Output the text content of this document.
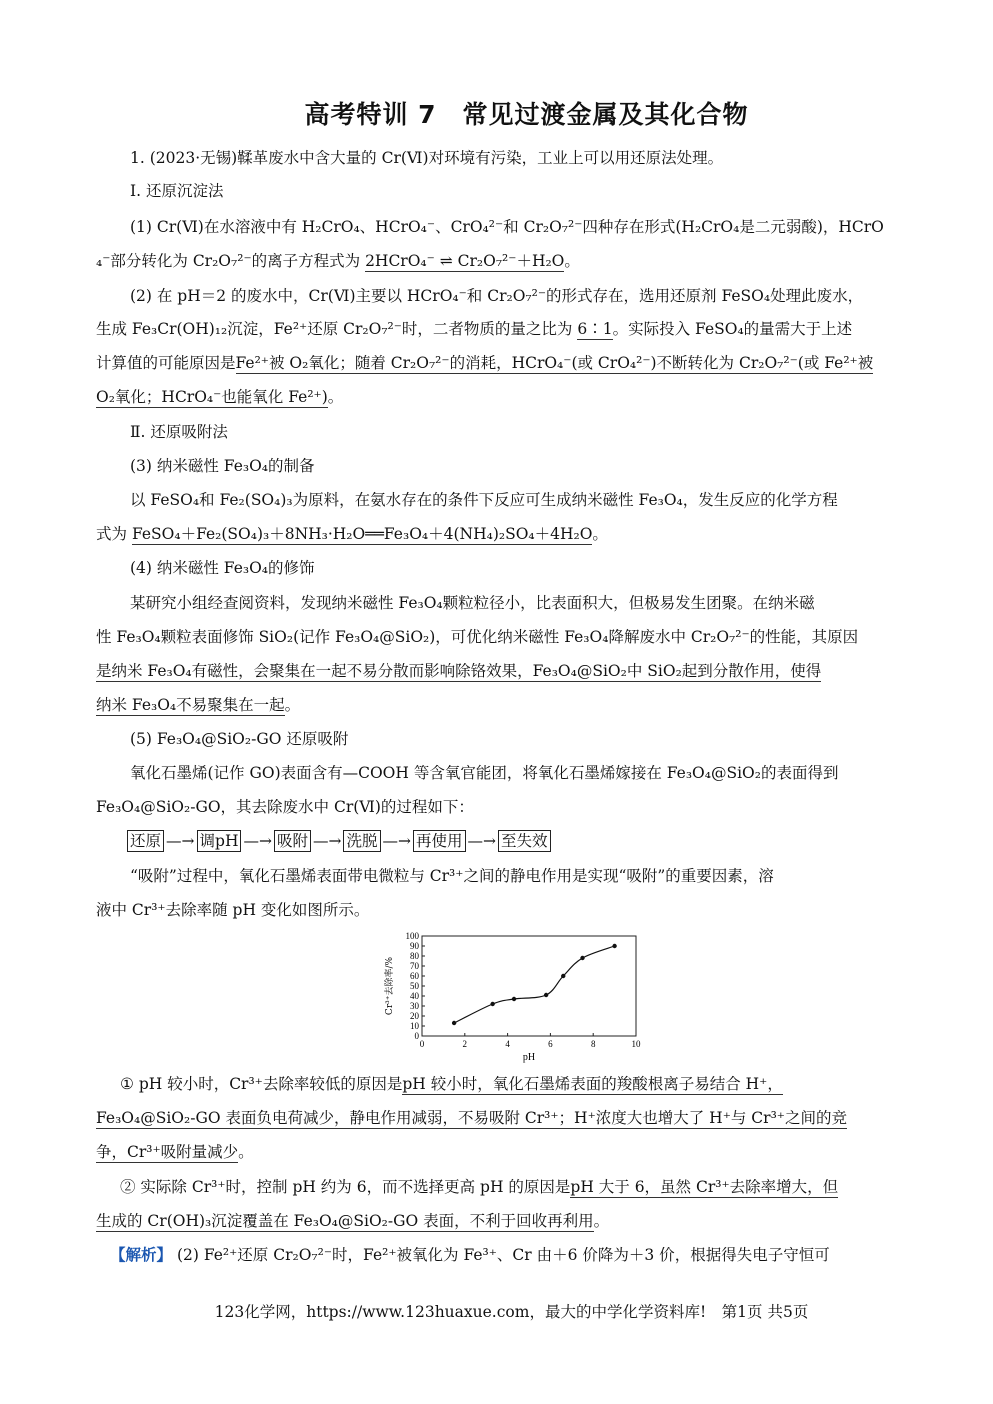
高考特训 7　常见过渡金属及其化合物
1. (2023·无锡)鞣革废水中含大量的 Cr(Ⅵ)对环境有污染，工业上可以用还原法处理。
Ⅰ. 还原沉淀法
(1) Cr(Ⅵ)在水溶液中有 H₂CrO₄、HCrO₄⁻、CrO₄²⁻和 Cr₂O₇²⁻四种存在形式(H₂CrO₄是二元弱酸)，HCrO
₄⁻部分转化为 Cr₂O₇²⁻的离子方程式为 2HCrO₄⁻ ⇌ Cr₂O₇²⁻＋H₂O。
(2) 在 pH＝2 的废水中，Cr(Ⅵ)主要以 HCrO₄⁻和 Cr₂O₇²⁻的形式存在，选用还原剂 FeSO₄处理此废水，
生成 Fe₃Cr(OH)₁₂沉淀，Fe²⁺还原 Cr₂O₇²⁻时，二者物质的量之比为 6∶1。实际投入 FeSO₄的量需大于上述
计算值的可能原因是Fe²⁺被 O₂氧化；随着 Cr₂O₇²⁻的消耗，HCrO₄⁻(或 CrO₄²⁻)不断转化为 Cr₂O₇²⁻(或 Fe²⁺被
O₂氧化；HCrO₄⁻也能氧化 Fe²⁺)。
Ⅱ. 还原吸附法
(3) 纳米磁性 Fe₃O₄的制备
以 FeSO₄和 Fe₂(SO₄)₃为原料，在氨水存在的条件下反应可生成纳米磁性 Fe₃O₄，发生反应的化学方程
式为 FeSO₄＋Fe₂(SO₄)₃＋8NH₃·H₂O══Fe₃O₄＋4(NH₄)₂SO₄＋4H₂O。
(4) 纳米磁性 Fe₃O₄的修饰
某研究小组经查阅资料，发现纳米磁性 Fe₃O₄颗粒粒径小，比表面积大，但极易发生团聚。在纳米磁
性 Fe₃O₄颗粒表面修饰 SiO₂(记作 Fe₃O₄@SiO₂)，可优化纳米磁性 Fe₃O₄降解废水中 Cr₂O₇²⁻的性能，其原因
是纳米 Fe₃O₄有磁性，会聚集在一起不易分散而影响除铬效果，Fe₃O₄@SiO₂中 SiO₂起到分散作用，使得
纳米 Fe₃O₄不易聚集在一起。
(5) Fe₃O₄@SiO₂-GO 还原吸附
氧化石墨烯(记作 GO)表面含有—COOH 等含氧官能团，将氧化石墨烯嫁接在 Fe₃O₄@SiO₂的表面得到
Fe₃O₄@SiO₂-GO，其去除废水中 Cr(Ⅵ)的过程如下：
还原 —→ 调pH —→ 吸附 —→ 洗脱 —→ 再使用 —→ 至失效
“吸附”过程中，氧化石墨烯表面带电微粒与 Cr³⁺之间的静电作用是实现“吸附”的重要因素，溶
液中 Cr³⁺去除率随 pH 变化如图所示。
0
10
20
30
40
50
60
70
80
90
100
0	2	4	6	8	10
pH
Cr³⁺去除率/%
① pH 较小时，Cr³⁺去除率较低的原因是pH 较小时，氧化石墨烯表面的羧酸根离子易结合 H⁺，
Fe₃O₄@SiO₂-GO 表面负电荷减少，静电作用减弱，不易吸附 Cr³⁺；H⁺浓度大也增大了 H⁺与 Cr³⁺之间的竞
争，Cr³⁺吸附量减少。
② 实际除 Cr³⁺时，控制 pH 约为 6，而不选择更高 pH 的原因是pH 大于 6，虽然 Cr³⁺去除率增大，但
生成的 Cr(OH)₃沉淀覆盖在 Fe₃O₄@SiO₂-GO 表面，不利于回收再利用。
【解析】 (2) Fe²⁺还原 Cr₂O₇²⁻时，Fe²⁺被氧化为 Fe³⁺、Cr 由＋6 价降为＋3 价，根据得失电子守恒可
123化学网，https://www.123huaxue.com，最大的中学化学资料库!　第1页 共5页
